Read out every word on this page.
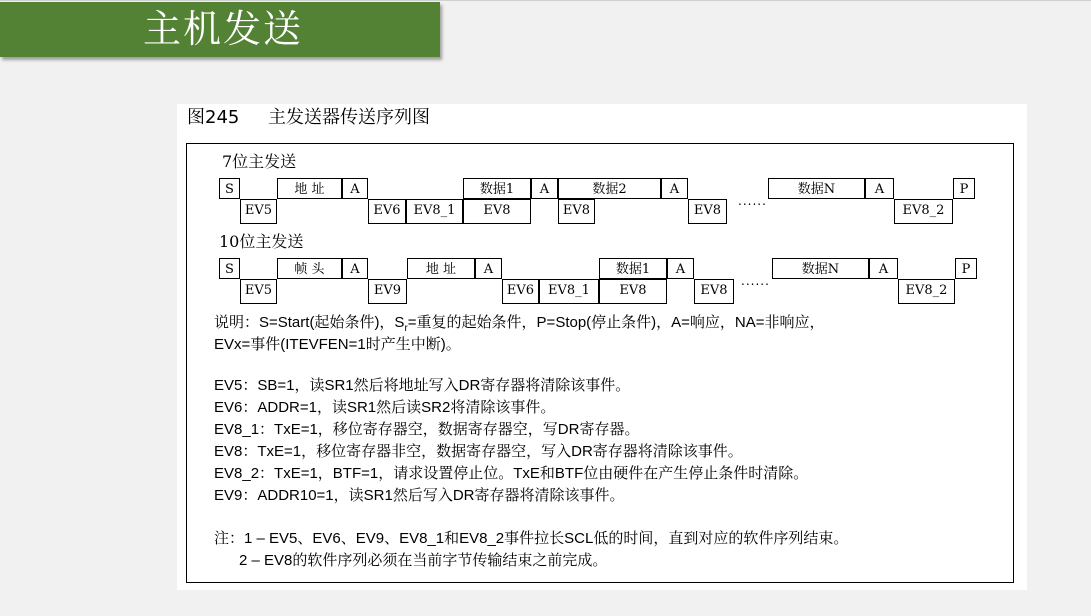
主机发送
图245     主发送器传送序列图
7位主发送
S
EV5
地 址	A
EV6 EV8_1
数据1
EV8
A
EV8
数据2	A
EV8
......
数据N	A
EV8_2
P
10位主发送
S
EV5
帧 头	A
EV9
地 址	A
EV6	EV8_1
数据1
EV8
A
EV8
......
数据N	A
EV8_2
P
说明：S=Start(起始条件)，$S_r=$重复的起始条件，P=Stop(停止条件)，A=响应，NA=非响应，
EVx=事件(ITEVFEN=1时产生中断)。
EV5：SB=1，读SR1然后将地址写入DR寄存器将清除该事件。
EV6：ADDR=1，读SR1然后读SR2将清除该事件。
EV8_1：TxE=1，移位寄存器空，数据寄存器空，写DR寄存器。
EV8：TxE=1，移位寄存器非空，数据寄存器空，写入DR寄存器将清除该事件。
EV8_2：TxE=1，BTF=1，请求设置停止位。TxE和BTF位由硬件在产生停止条件时清除。
EV9：ADDR10=1，读SR1然后写入DR寄存器将清除该事件。
注：1 – EV5、EV6、EV9、EV8_1和EV8_2事件拉长SCL低的时间，直到对应的软件序列结束。
2 – EV8的软件序列必须在当前字节传输结束之前完成。
